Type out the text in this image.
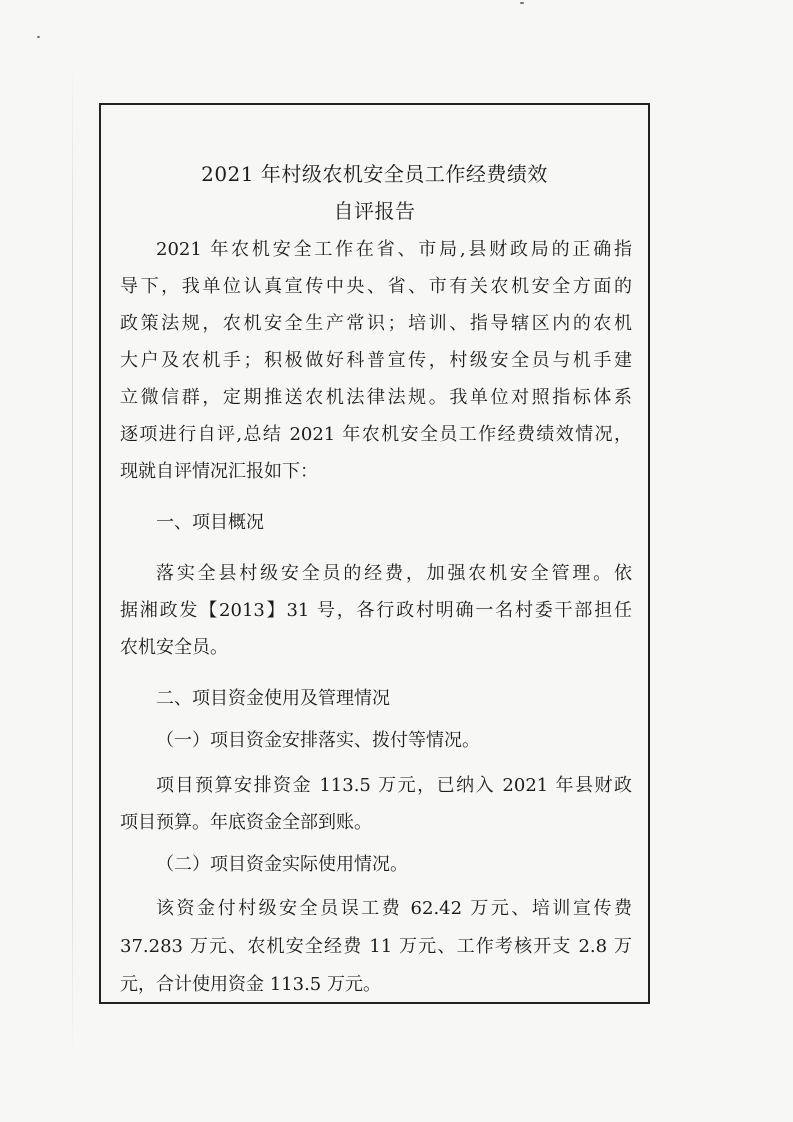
2021 年村级农机安全员工作经费绩效
自评报告
2021 年农机安全工作在省、市局,县财政局的正确指
导下，我单位认真宣传中央、省、市有关农机安全方面的
政策法规，农机安全生产常识；培训、指导辖区内的农机
大户及农机手；积极做好科普宣传，村级安全员与机手建
立微信群，定期推送农机法律法规。我单位对照指标体系
逐项进行自评,总结 2021 年农机安全员工作经费绩效情况，
现就自评情况汇报如下：
一、项目概况
落实全县村级安全员的经费，加强农机安全管理。依
据湘政发【2013】31 号，各行政村明确一名村委干部担任
农机安全员。
二、项目资金使用及管理情况
（一）项目资金安排落实、拨付等情况。
项目预算安排资金 113.5 万元，已纳入 2021 年县财政
项目预算。年底资金全部到账。
（二）项目资金实际使用情况。
该资金付村级安全员误工费 62.42 万元、培训宣传费
37.283 万元、农机安全经费 11 万元、工作考核开支 2.8 万
元，合计使用资金 113.5 万元。
